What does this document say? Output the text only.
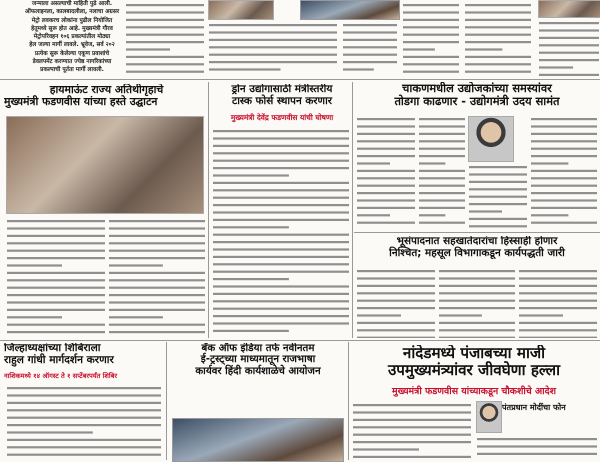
जन्माला असल्याची माहिती पुढे आली.
ऑफलाइनला, कालबादलीला, नलाचा अग्रसर
मेट्रो लवकरच लोकांना पुढील नियोजित
हेतूमध्ये सुरू होत आहे. मुख्यमंत्री गौरव
मेट्रोपरिवहन १०६ प्रकल्पांतील मोठ्या
हेल जल्या मार्गी लावले. भ्रूवेज, सर्व २०२
प्रत्येक सुरू केलेल्या एकूण प्रवाशांचे
डेवलपमेंट करण्यात ज्येष्ठ नागरिकांच्या
प्रकल्पाची पूर्तता मार्गी लावली.
हायमाऊंट राज्य अतिथीगृहाचे
मुख्यमंत्री फडणवीस यांच्या हस्ते उद्घाटन
ड्रोन उद्योगासाठी मंत्रीस्तरीय
टास्क फोर्स स्थापन करणार
मुख्यमंत्री देवेंद्र फडणवीस यांची घोषणा
चाकणमधील उद्योजकांच्या समस्यांवर
तोडगा काढणार - उद्योगमंत्री उदय सामंत
भूसंपादनात सहखातेदारांचा हिस्साही होणार
निश्चित; महसूल विभागाकडून कार्यपद्धती जारी
जिल्हाध्यक्षांच्या शिबिराला
राहुल गांधी मार्गदर्शन करणार
नाशिकमध्ये १४ ऑगस्ट ते १ सप्टेंबरपर्यंत शिबिर
बँक ऑफ इंडिया तर्फे नवीनतम
ई-ट्रस्ट्च्या माध्यमातून राजभाषा
कार्यवर हिंदी कार्यशाळेचे आयोजन
नांदेडमध्ये पंजाबच्या माजी
उपमुख्यमंत्र्यांवर जीवघेणा हल्ला
मुख्यमंत्री फडणवीस यांच्याकडून चौकशीचे आदेश
पंतप्रधान मोदींचा फोन
